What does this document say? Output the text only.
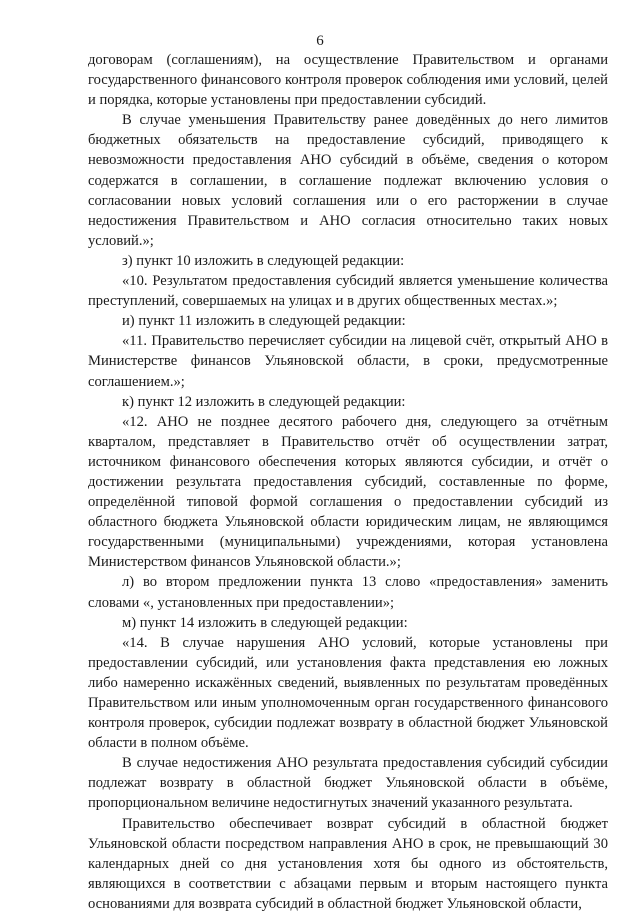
6

договорам (соглашениям), на осуществление Правительством и органами государственного финансового контроля проверок соблюдения ими условий, целей и порядка, которые установлены при предоставлении субсидий.

В случае уменьшения Правительству ранее доведённых до него лимитов бюджетных обязательств на предоставление субсидий, приводящего к невозможности предоставления АНО субсидий в объёме, сведения о котором содержатся в соглашении, в соглашение подлежат включению условия о согласовании новых условий соглашения или о его расторжении в случае недостижения Правительством и АНО согласия относительно таких новых условий.»;

з) пункт 10 изложить в следующей редакции:

«10. Результатом предоставления субсидий является уменьшение количества преступлений, совершаемых на улицах и в других общественных местах.»;

и) пункт 11 изложить в следующей редакции:

«11. Правительство перечисляет субсидии на лицевой счёт, открытый АНО в Министерстве финансов Ульяновской области, в сроки, предусмотренные соглашением.»;

к) пункт 12 изложить в следующей редакции:

«12. АНО не позднее десятого рабочего дня, следующего за отчётным кварталом, представляет в Правительство отчёт об осуществлении затрат, источником финансового обеспечения которых являются субсидии, и отчёт о достижении результата предоставления субсидий, составленные по форме, определённой типовой формой соглашения о предоставлении субсидий из областного бюджета Ульяновской области юридическим лицам, не являющимся государственными (муниципальными) учреждениями, которая установлена Министерством финансов Ульяновской области.»;

л) во втором предложении пункта 13 слово «предоставления» заменить словами «, установленных при предоставлении»;

м) пункт 14 изложить в следующей редакции:

«14. В случае нарушения АНО условий, которые установлены при предоставлении субсидий, или установления факта представления ею ложных либо намеренно искажённых сведений, выявленных по результатам проведённых Правительством или иным уполномоченным орган государственного финансового контроля проверок, субсидии подлежат возврату в областной бюджет Ульяновской области в полном объёме.

В случае недостижения АНО результата предоставления субсидий субсидии подлежат возврату в областной бюджет Ульяновской области в объёме, пропорциональном величине недостигнутых значений указанного результата.

Правительство обеспечивает возврат субсидий в областной бюджет Ульяновской области посредством направления АНО в срок, не превышающий 30 календарных дней со дня установления хотя бы одного из обстоятельств, являющихся в соответствии с абзацами первым и вторым настоящего пункта основаниями для возврата субсидий в областной бюджет Ульяновской области,
